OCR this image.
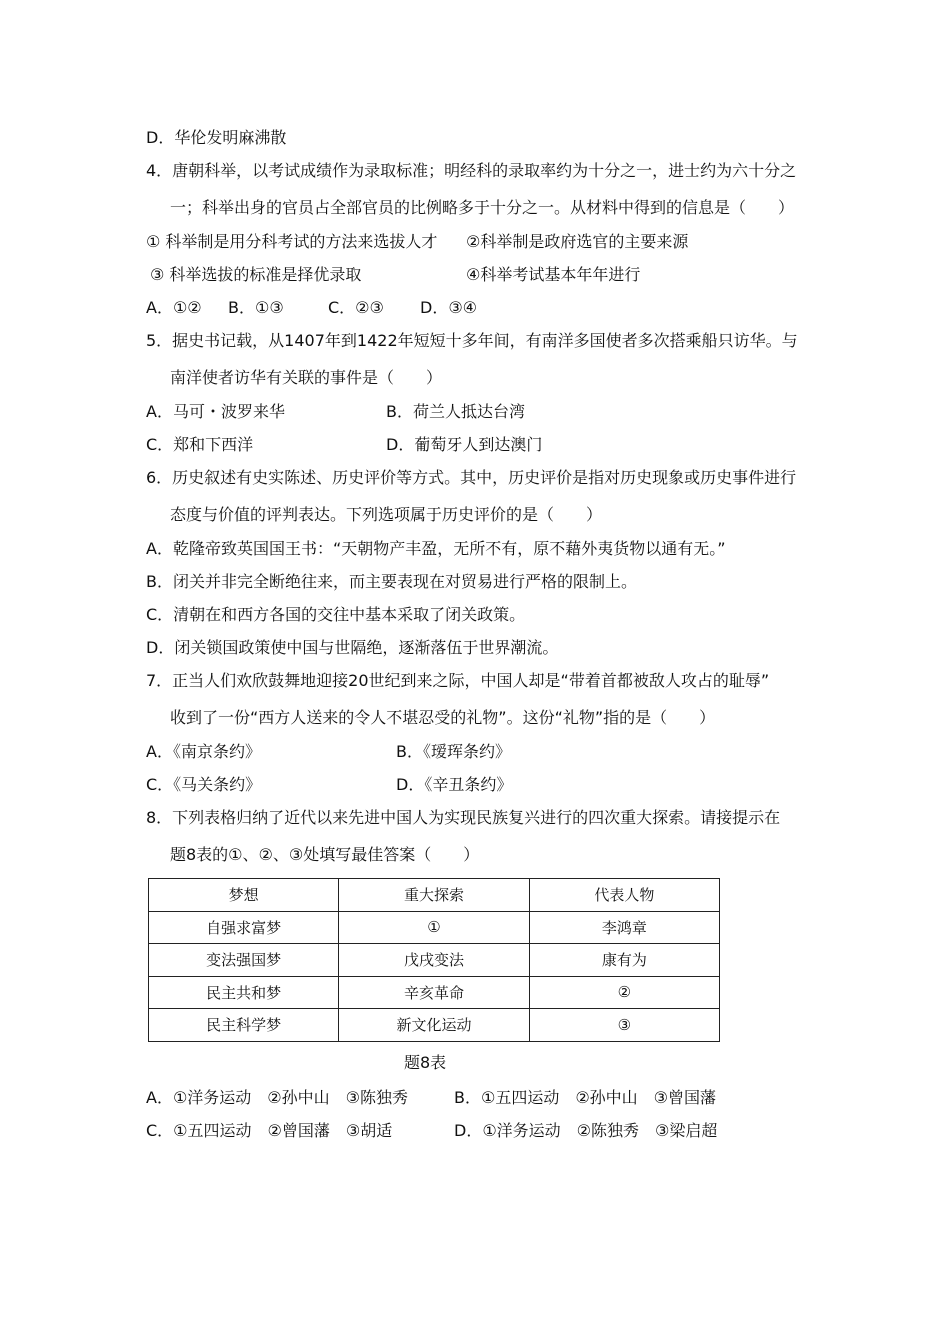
D．华伦发明麻沸散
4．唐朝科举，以考试成绩作为录取标准；明经科的录取率约为十分之一，进士约为六十分之
一；科举出身的官员占全部官员的比例略多于十分之一。从材料中得到的信息是（　　）
① 科举制是用分科考试的方法来选拔人才 ②科举制是政府选官的主要来源
③ 科举选拔的标准是择优录取	④科举考试基本年年进行
A．①② B．①③	C．②③ D．③④
5．据史书记载，从1407年到1422年短短十多年间，有南洋多国使者多次搭乘船只访华。与
南洋使者访华有关联的事件是（　　）
A．马可・波罗来华	B．荷兰人抵达台湾
C．郑和下西洋	D．葡萄牙人到达澳门
6．历史叙述有史实陈述、历史评价等方式。其中，历史评价是指对历史现象或历史事件进行
态度与价值的评判表达。下列选项属于历史评价的是（　　）
A．乾隆帝致英国国王书：“天朝物产丰盈，无所不有，原不藉外夷货物以通有无。”
B．闭关并非完全断绝往来，而主要表现在对贸易进行严格的限制上。
C．清朝在和西方各国的交往中基本采取了闭关政策。
D．闭关锁国政策使中国与世隔绝，逐渐落伍于世界潮流。
7．正当人们欢欣鼓舞地迎接20世纪到来之际，中国人却是“带着首都被敌人攻占的耻辱”
收到了一份“西方人送来的令人不堪忍受的礼物”。这份“礼物”指的是（　　）
A．《南京条约》	B．《瑷珲条约》
C．《马关条约》	D．《辛丑条约》
8．下列表格归纳了近代以来先进中国人为实现民族复兴进行的四次重大探索。请接提示在
题8表的①、②、③处填写最佳答案（　　）
梦想	重大探索	代表人物
自强求富梦	①	李鸿章
变法强国梦	戊戌变法	康有为
民主共和梦	辛亥革命	②
民主科学梦	新文化运动	③
题8表
A．①洋务运动　②孙中山　③陈独秀	B．①五四运动　②孙中山　③曾国藩
C．①五四运动　②曾国藩　③胡适	D．①洋务运动　②陈独秀　③梁启超
